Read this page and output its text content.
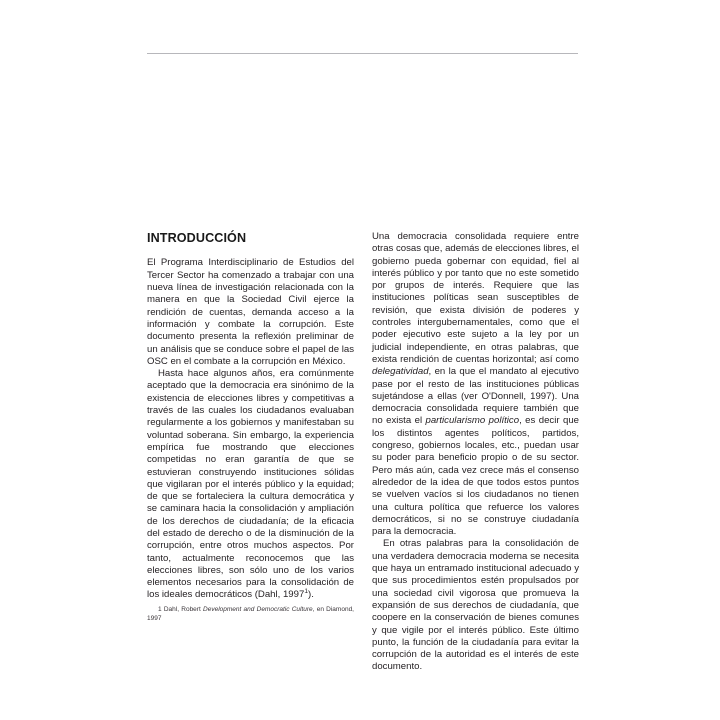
INTRODUCCIÓN

El Programa Interdisciplinario de Estudios del Tercer Sector ha comenzado a trabajar con una nueva línea de investigación relacionada con la manera en que la Sociedad Civil ejerce la rendición de cuentas, demanda acceso a la información y combate la corrupción. Este documento presenta la reflexión preliminar de un análisis que se conduce sobre el papel de las OSC en el combate a la corrupción en México.

Hasta hace algunos años, era comúnmente aceptado que la democracia era sinónimo de la existencia de elecciones libres y competitivas a través de las cuales los ciudadanos evaluaban regularmente a los gobiernos y manifestaban su voluntad soberana. Sin embargo, la experiencia empírica fue mostrando que elecciones competidas no eran garantía de que se estuvieran construyendo instituciones sólidas que vigilaran por el interés público y la equidad; de que se fortaleciera la cultura democrática y se caminara hacia la consolidación y ampliación de los derechos de ciudadanía; de la eficacia del estado de derecho o de la disminución de la corrupción, entre otros muchos aspectos. Por tanto, actualmente reconocemos que las elecciones libres, son sólo uno de los varios elementos necesarios para la consolidación de los ideales democráticos (Dahl, 1997$^1$).

1 Dahl, Robert Development and Democratic Culture, en Diamond, 1997

Una democracia consolidada requiere entre otras cosas que, además de elecciones libres, el gobierno pueda gobernar con equidad, fiel al interés público y por tanto que no este sometido por grupos de interés. Requiere que las instituciones políticas sean susceptibles de revisión, que exista división de poderes y controles intergubernamentales, como que el poder ejecutivo este sujeto a la ley por un judicial independiente, en otras palabras, que exista rendición de cuentas horizontal; así como delegatividad, en la que el mandato al ejecutivo pase por el resto de las instituciones públicas sujetándose a ellas (ver O'Donnell, 1997). Una democracia consolidada requiere también que no exista el particularismo político, es decir que los distintos agentes políticos, partidos, congreso, gobiernos locales, etc., puedan usar su poder para beneficio propio o de su sector. Pero más aún, cada vez crece más el consenso alrededor de la idea de que todos estos puntos se vuelven vacíos si los ciudadanos no tienen una cultura política que refuerce los valores democráticos, si no se construye ciudadanía para la democracia.

En otras palabras para la consolidación de una verdadera democracia moderna se necesita que haya un entramado institucional adecuado y que sus procedimientos estén propulsados por una sociedad civil vigorosa que promueva la expansión de sus derechos de ciudadanía, que coopere en la conservación de bienes comunes y que vigile por el interés público. Este último punto, la función de la ciudadanía para evitar la corrupción de la autoridad es el interés de este documento.
